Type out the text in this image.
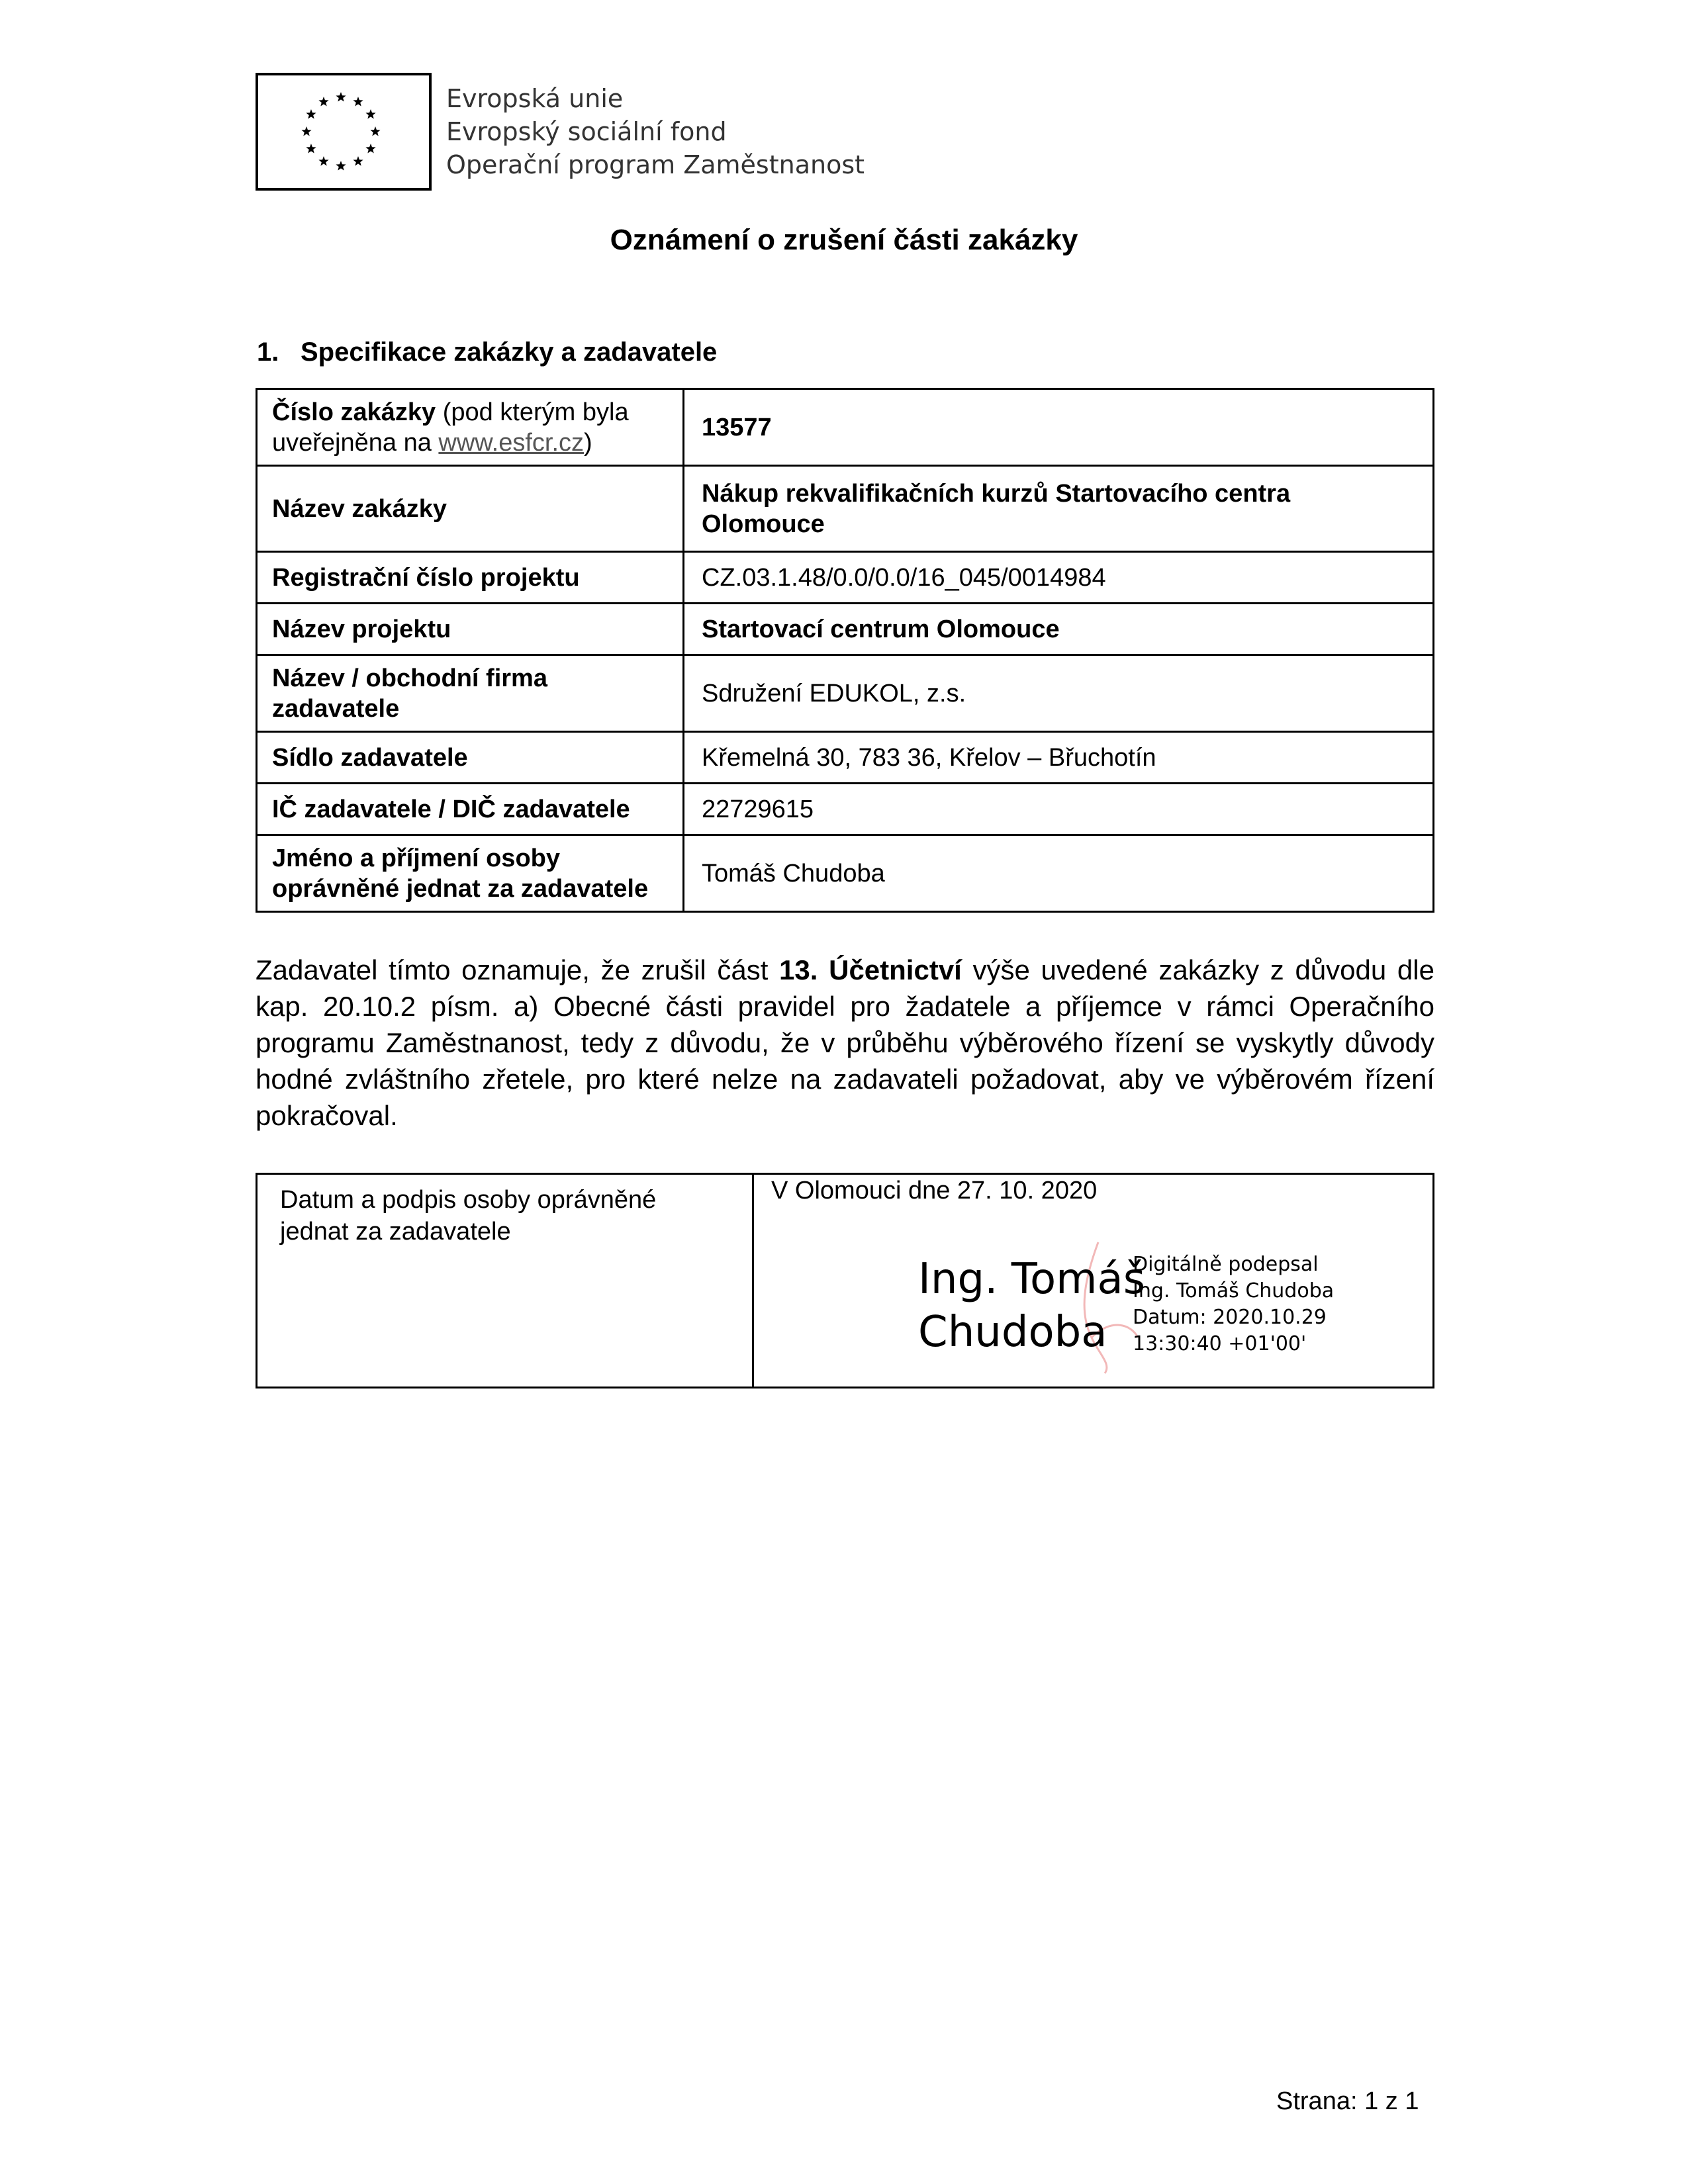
Evropská unie
Evropský sociální fond
Operační program Zaměstnanost
Oznámení o zrušení části zakázky
1. Specifikace zakázky a zadavatele
Číslo zakázky (pod kterým byla uveřejněna na www.esfcr.cz)	13577
Název zakázky	Nákup rekvalifikačních kurzů Startovacího centra Olomouce
Registrační číslo projektu	CZ.03.1.48/0.0/0.0/16_045/0014984
Název projektu	Startovací centrum Olomouce
Název / obchodní firma zadavatele	Sdružení EDUKOL, z.s.
Sídlo zadavatele	Křemelná 30, 783 36, Křelov – Břuchotín
IČ zadavatele / DIČ zadavatele	22729615
Jméno a příjmení osoby oprávněné jednat za zadavatele	Tomáš Chudoba
Zadavatel tímto oznamuje, že zrušil část 13. Účetnictví výše uvedené zakázky z důvodu dle kap. 20.10.2 písm. a) Obecné části pravidel pro žadatele a příjemce v rámci Operačního programu Zaměstnanost, tedy z důvodu, že v průběhu výběrového řízení se vyskytly důvody hodné zvláštního zřetele, pro které nelze na zadavateli požadovat, aby ve výběrovém řízení pokračoval.
Datum a podpis osoby oprávněné jednat za zadavatele
V Olomouci dne 27. 10. 2020
Ing. Tomáš
Chudoba
Digitálně podepsal
Ing. Tomáš Chudoba
Datum: 2020.10.29
13:30:40 +01'00'
Strana: 1 z 1
